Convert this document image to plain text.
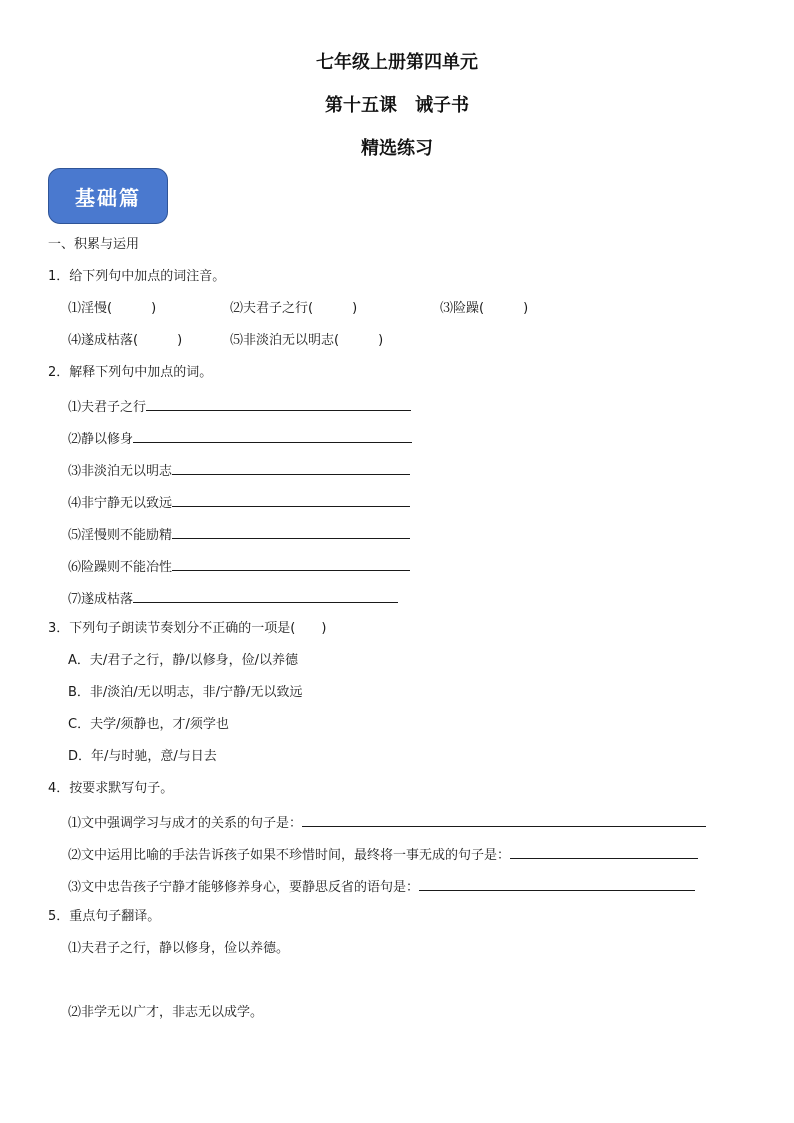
七年级上册第四单元
第十五课　诫子书
精选练习
基础篇
一、积累与运用
1．给下列句中加点的词注音。
⑴淫慢(　　　)	⑵夫君子之行(　　　)	⑶险躁(　　　)
⑷遂成枯落(　　　)	⑸非淡泊无以明志(　　　)
2．解释下列句中加点的词。
⑴夫君子之行
⑵静以修身
⑶非淡泊无以明志
⑷非宁静无以致远
⑸淫慢则不能励精
⑹险躁则不能冶性
⑺遂成枯落
3．下列句子朗读节奏划分不正确的一项是(　　)
A．夫/君子之行，静/以修身，俭/以养德
B．非/淡泊/无以明志，非/宁静/无以致远
C．夫学/须静也，才/须学也
D．年/与时驰，意/与日去
4．按要求默写句子。
⑴文中强调学习与成才的关系的句子是：
⑵文中运用比喻的手法告诉孩子如果不珍惜时间，最终将一事无成的句子是：
⑶文中忠告孩子宁静才能够修养身心，要静思反省的语句是：
5．重点句子翻译。
⑴夫君子之行，静以修身，俭以养德。
⑵非学无以广才，非志无以成学。
